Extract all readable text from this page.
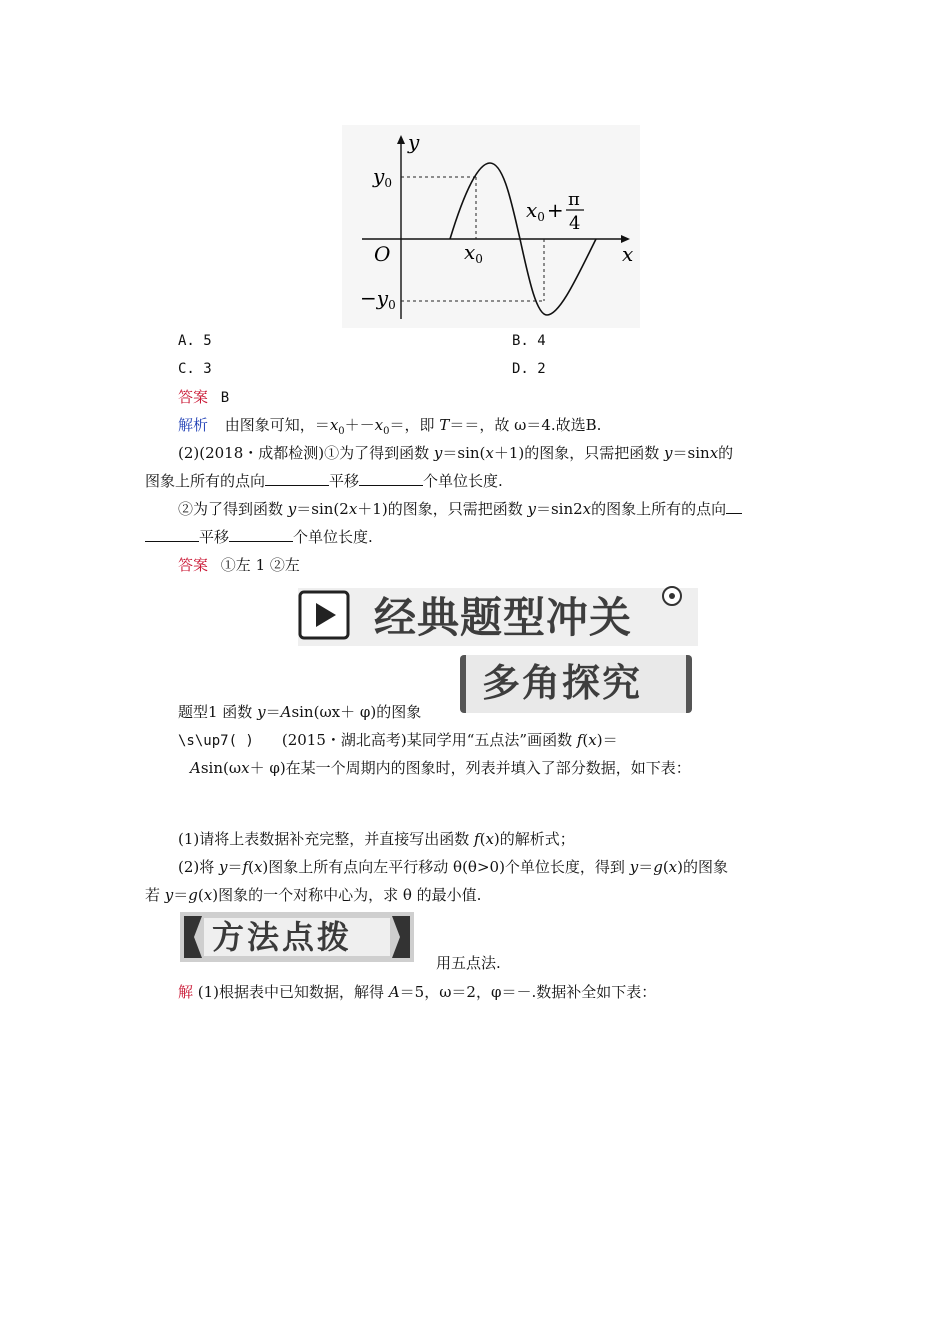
y
x
O
$y_0$
$-y_0$
$x_0$
$x_0 + \pi$
4
A. 5	B. 4
C. 3	D. 2
答案 B
解析 由图象可知，$=x_0+-x_0=$，即 T＝＝，故 ω＝4.故选B.
(2)(2018・成都检测)①为了得到函数 y＝sin(x＋1)的图象，只需把函数 y＝sinx的
图象上所有的点向	平移	个单位长度.
②为了得到函数 y＝sin(2x＋1)的图象，只需把函数 y＝sin2x的图象上所有的点向
平移	个单位长度.
答案 ①左 1 ②左
经典题型冲关
多角探究
题型1 函数 y＝Asin(ωx＋ φ)的图象
\s\up7( ) (2015・湖北高考)某同学用“五点法”画函数 f(x)＝
Asin(ωx＋ φ)在某一个周期内的图象时，列表并填入了部分数据，如下表：
(1)请将上表数据补充完整，并直接写出函数 f(x)的解析式；
(2)将 y＝f(x)图象上所有点向左平行移动 θ(θ>0)个单位长度，得到 y＝g(x)的图象
若 y＝g(x)图象的一个对称中心为，求 θ 的最小值.
方法点拨
用五点法.
解 (1)根据表中已知数据，解得 A＝5，ω＝2，φ＝－.数据补全如下表：
